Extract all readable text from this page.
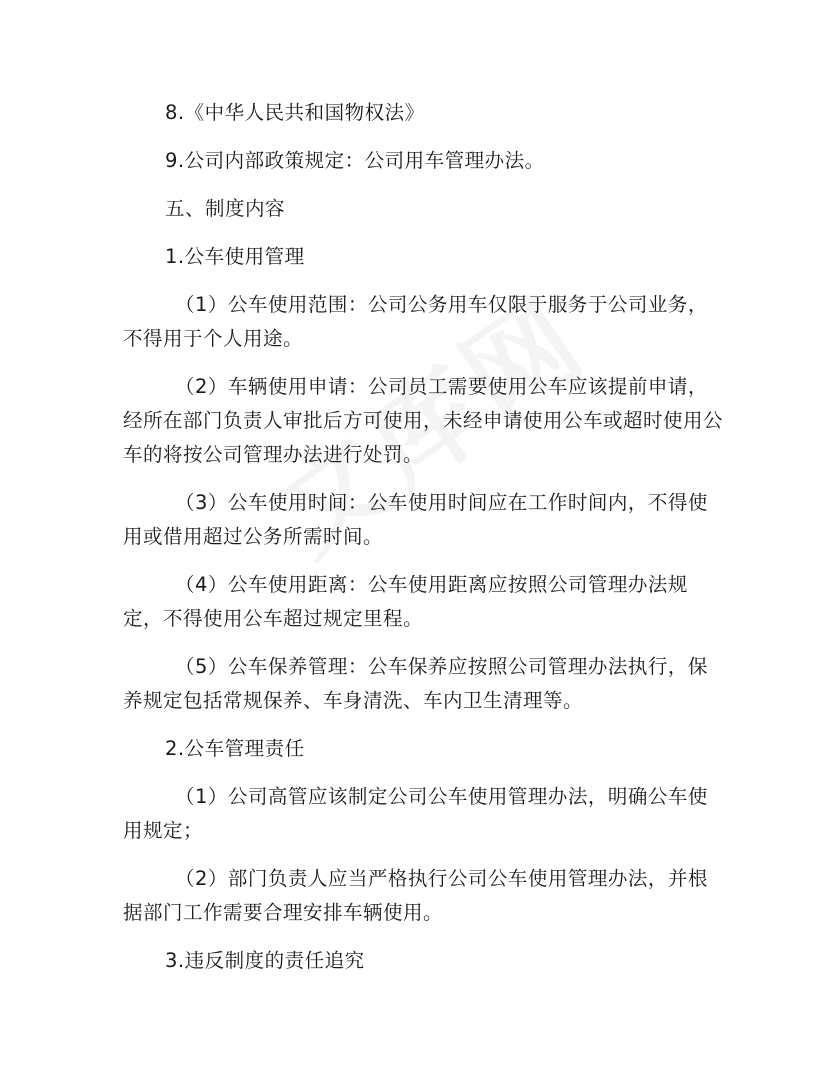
8.《中华人民共和国物权法》

9.公司内部政策规定：公司用车管理办法。

五、制度内容

1.公车使用管理

（1）公车使用范围：公司公务用车仅限于服务于公司业务，不得用于个人用途。

（2）车辆使用申请：公司员工需要使用公车应该提前申请，经所在部门负责人审批后方可使用，未经申请使用公车或超时使用公车的将按公司管理办法进行处罚。

（3）公车使用时间：公车使用时间应在工作时间内，不得使用或借用超过公务所需时间。

（4）公车使用距离：公车使用距离应按照公司管理办法规定，不得使用公车超过规定里程。

（5）公车保养管理：公车保养应按照公司管理办法执行，保养规定包括常规保养、车身清洗、车内卫生清理等。

2.公车管理责任

（1）公司高管应该制定公司公车使用管理办法，明确公车使用规定；

（2）部门负责人应当严格执行公司公车使用管理办法，并根据部门工作需要合理安排车辆使用。

3.违反制度的责任追究
